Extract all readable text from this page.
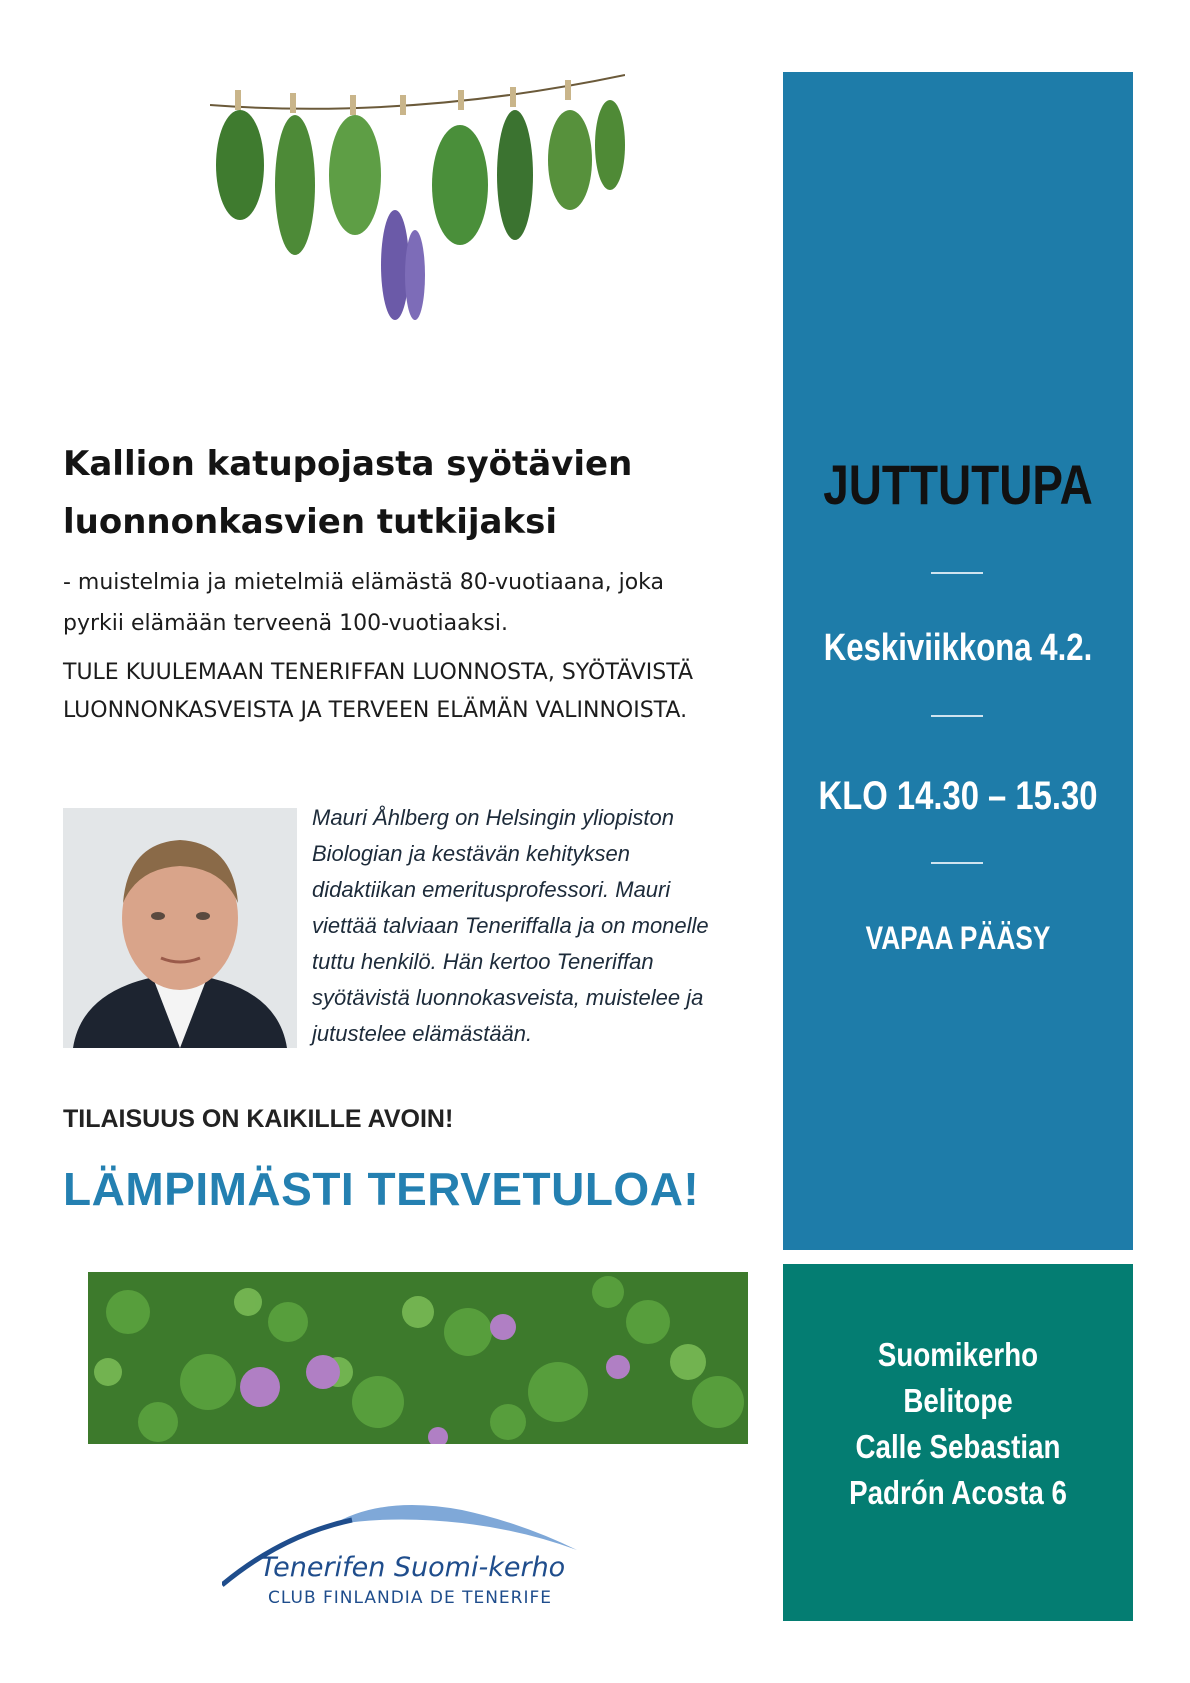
Kallion katupojasta syötävien
luonnonkasvien tutkijaksi
- muistelmia ja mietelmiä elämästä 80-vuotiaana, joka
pyrkii elämään terveenä 100-vuotiaaksi.
TULE KUULEMAAN TENERIFFAN LUONNOSTA, SYÖTÄVISTÄ
LUONNONKASVEISTA JA TERVEEN ELÄMÄN VALINNOISTA.
Mauri Åhlberg on Helsingin yliopiston
Biologian ja kestävän kehityksen
didaktiikan emeritusprofessori. Mauri
viettää talviaan Teneriffalla ja on monelle
tuttu henkilö. Hän kertoo Teneriffan
syötävistä luonnokasveista, muistelee ja
jutustelee elämästään.
TILAISUUS ON KAIKILLE AVOIN!
LÄMPIMÄSTI TERVETULOA!
Tenerifen Suomi-kerho
CLUB FINLANDIA DE TENERIFE
JUTTUTUPA
Keskiviikkona 4.2.
KLO 14.30 – 15.30
VAPAA PÄÄSY
Suomikerho
Belitope
Calle Sebastian
Padrón Acosta 6
